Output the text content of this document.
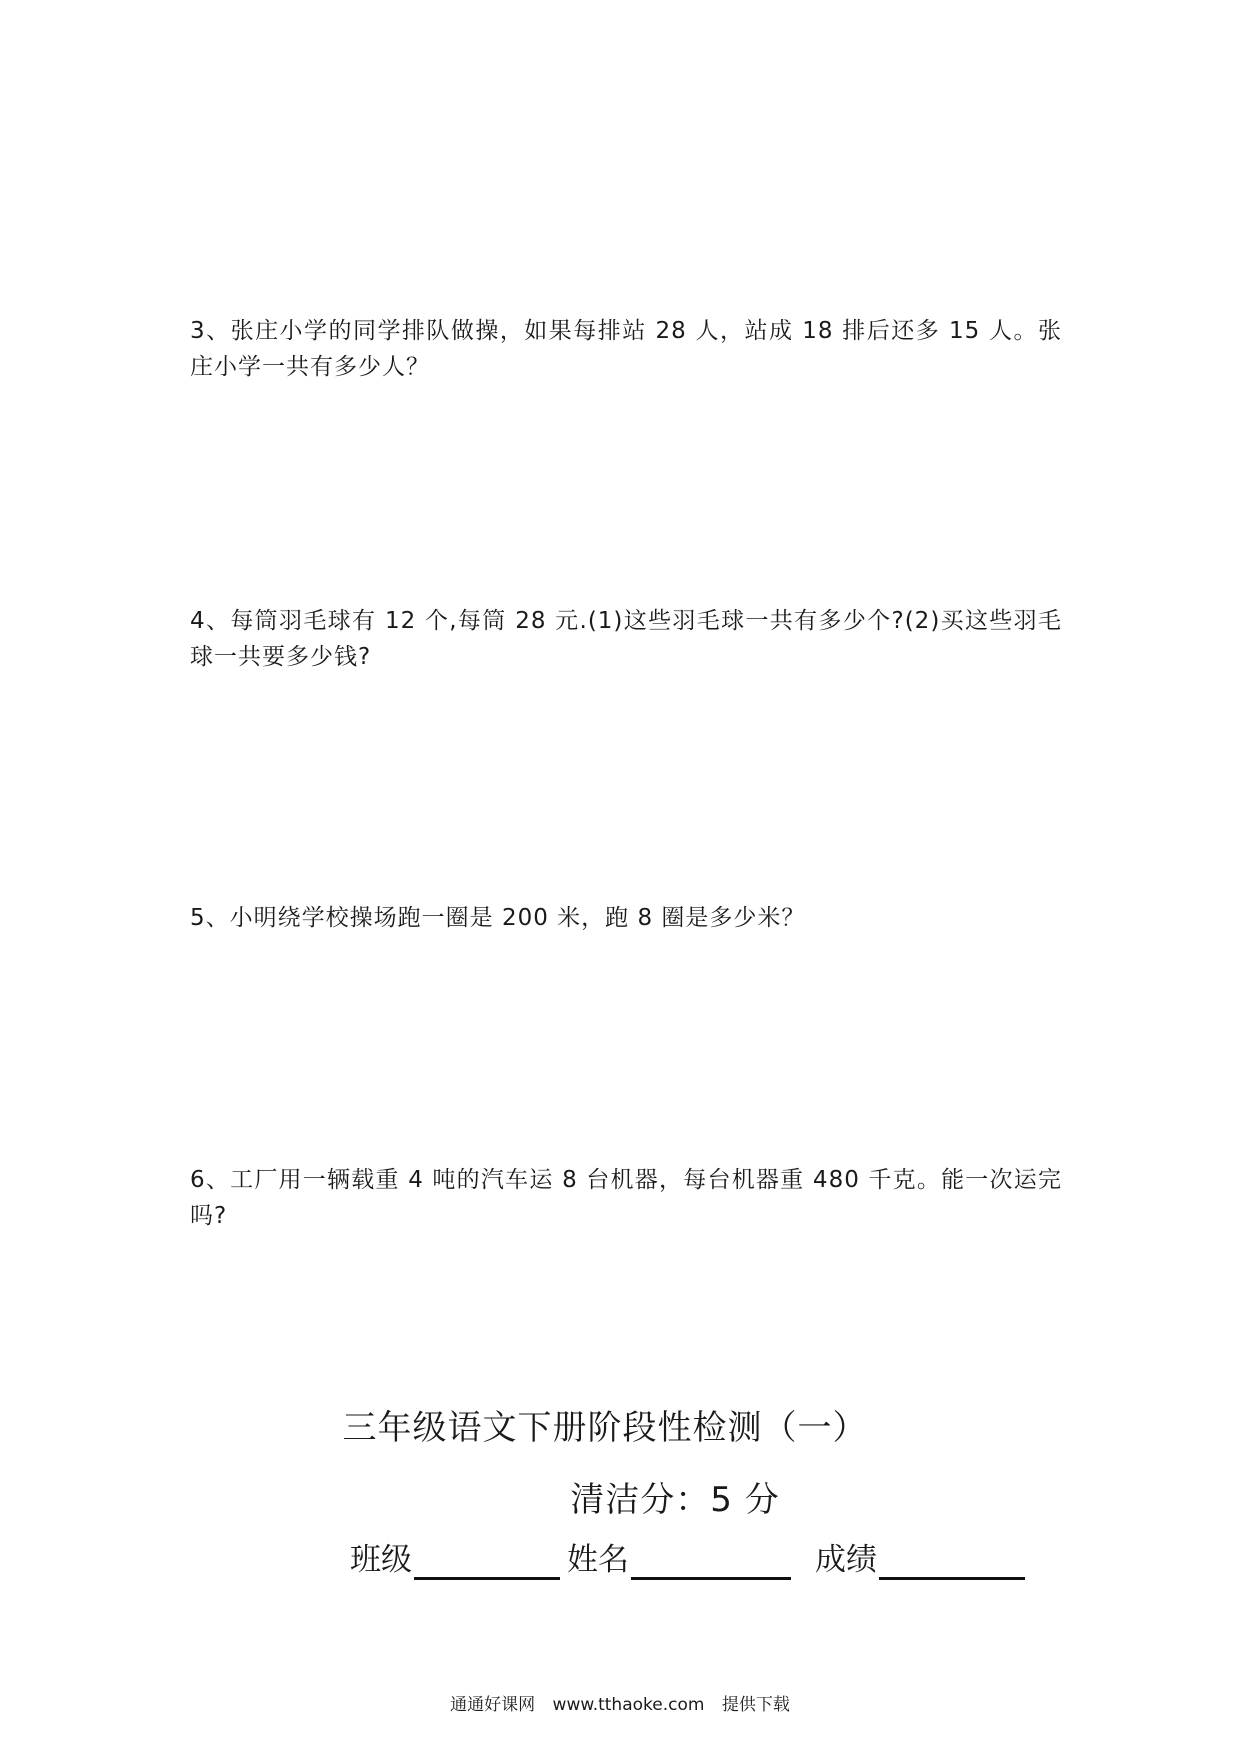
3、张庄小学的同学排队做操，如果每排站 28 人，站成 18 排后还多 15 人。张庄小学一共有多少人？
4、每筒羽毛球有 12 个,每筒 28 元.(1)这些羽毛球一共有多少个?(2)买这些羽毛球一共要多少钱?
5、小明绕学校操场跑一圈是 200 米，跑 8 圈是多少米？
6、工厂用一辆载重 4 吨的汽车运 8 台机器，每台机器重 480 千克。能一次运完吗?
三年级语文下册阶段性检测（一）
清洁分：5 分
班级	姓名	成绩
通通好课网 www.tthaoke.com 提供下载
